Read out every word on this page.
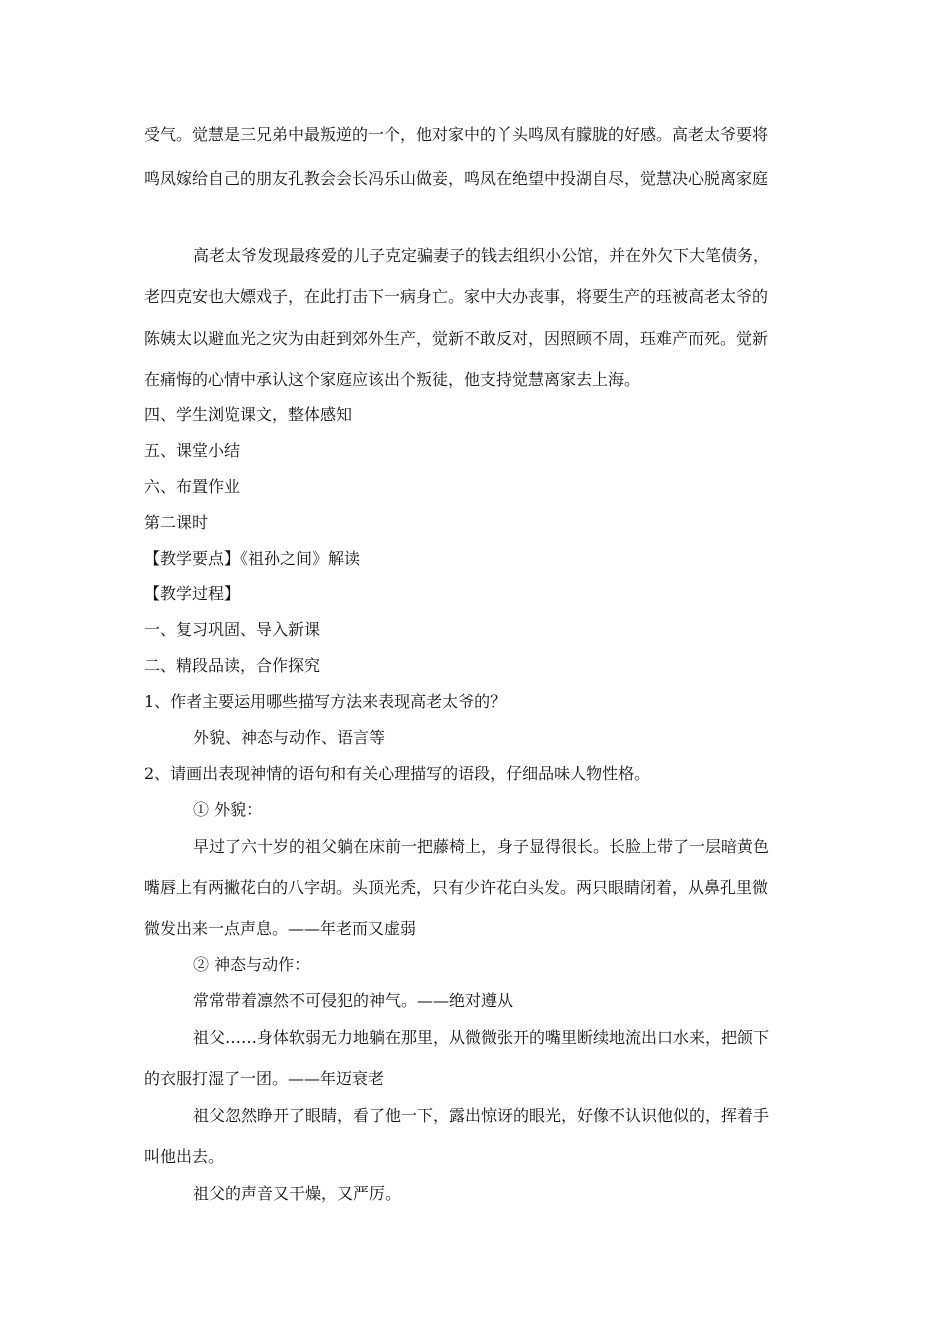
受气。觉慧是三兄弟中最叛逆的一个，他对家中的丫头鸣凤有朦胧的好感。高老太爷要将
鸣凤嫁给自己的朋友孔教会会长冯乐山做妾，鸣凤在绝望中投湖自尽，觉慧决心脱离家庭
高老太爷发现最疼爱的儿子克定骗妻子的钱去组织小公馆，并在外欠下大笔债务，
老四克安也大嫖戏子，在此打击下一病身亡。家中大办丧事，将要生产的珏被高老太爷的
陈姨太以避血光之灾为由赶到郊外生产，觉新不敢反对，因照顾不周，珏难产而死。觉新
在痛悔的心情中承认这个家庭应该出个叛徒，他支持觉慧离家去上海。
四、学生浏览课文，整体感知
五、课堂小结
六、布置作业
第二课时
【教学要点】《祖孙之间》解读
【教学过程】
一、复习巩固、导入新课
二、精段品读，合作探究
1、作者主要运用哪些描写方法来表现高老太爷的？
外貌、神态与动作、语言等
2、请画出表现神情的语句和有关心理描写的语段，仔细品味人物性格。
① 外貌：
早过了六十岁的祖父躺在床前一把藤椅上，身子显得很长。长脸上带了一层暗黄色
嘴唇上有两撇花白的八字胡。头顶光秃，只有少许花白头发。两只眼睛闭着，从鼻孔里微
微发出来一点声息。——年老而又虚弱
② 神态与动作：
常常带着凛然不可侵犯的神气。——绝对遵从
祖父……身体软弱无力地躺在那里，从微微张开的嘴里断续地流出口水来，把颌下
的衣服打湿了一团。——年迈衰老
祖父忽然睁开了眼睛，看了他一下，露出惊讶的眼光，好像不认识他似的，挥着手
叫他出去。
祖父的声音又干燥，又严厉。
